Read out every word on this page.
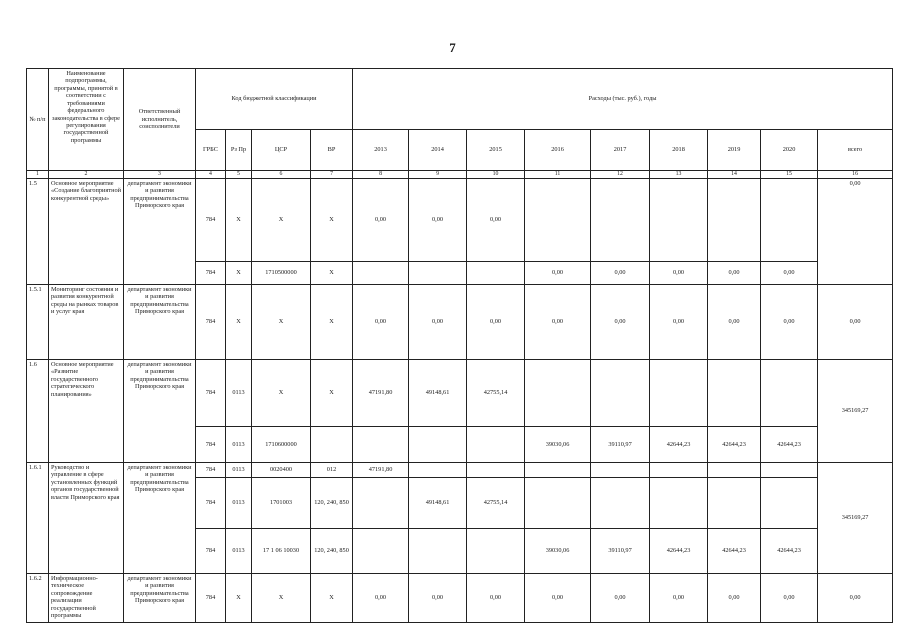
7
№ п/п	Наименование подпрограммы, программы, принятой в соответствии с требованиями федерального законодательства в сфере регулирования государственной программы	Ответственный исполнитель, соисполнители	Код бюджетной классификации				Расходы (тыс. руб.), годы								
			ГРБС	Рз Пр	ЦСР	ВР	2013	2014	2015	2016	2017	2018	2019	2020	всего
1	2	3	4	5	6	7	8	9	10	11	12	13	14	15	16
1.5	Основное мероприятие «Создание благоприятной конкурентной среды»	департамент экономики и развития предпринимательства Приморского края	784	Х	Х	Х	0,00	0,00	0,00						0,00
			784	Х	1710500000	Х				0,00	0,00	0,00	0,00	0,00	
1.5.1	Мониторинг состояния и развития конкурентной среды на рынках товаров и услуг края	департамент экономики и развития предпринимательства Приморского края	784	Х	Х	Х	0,00	0,00	0,00	0,00	0,00	0,00	0,00	0,00	0,00
1.6	Основное мероприятие «Развитие государственного стратегического планирования»	департамент экономики и развития предпринимательства Приморского края	784	0113	Х	Х	47191,80	49148,61	42755,14						345169,27
			784	0113	1710600000					39030,06	39110,97	42644,23	42644,23	42644,23	
1.6.1	Руководство и управление в сфере установленных функций органов государственной власти Приморского края	департамент экономики и развития предпринимательства Приморского края	784	0113	0020400	012	47191,80								345169,27
			784	0113	1701003	120, 240, 850		49148,61	42755,14						
			784	0113	17 1 06 10030	120, 240, 850				39030,06	39110,97	42644,23	42644,23	42644,23	
1.6.2	Информационно-техническое сопровождение реализации государственной программы	департамент экономики и развития предпринимательства Приморского края	784	Х	Х	Х	0,00	0,00	0,00	0,00	0,00	0,00	0,00	0,00	0,00
